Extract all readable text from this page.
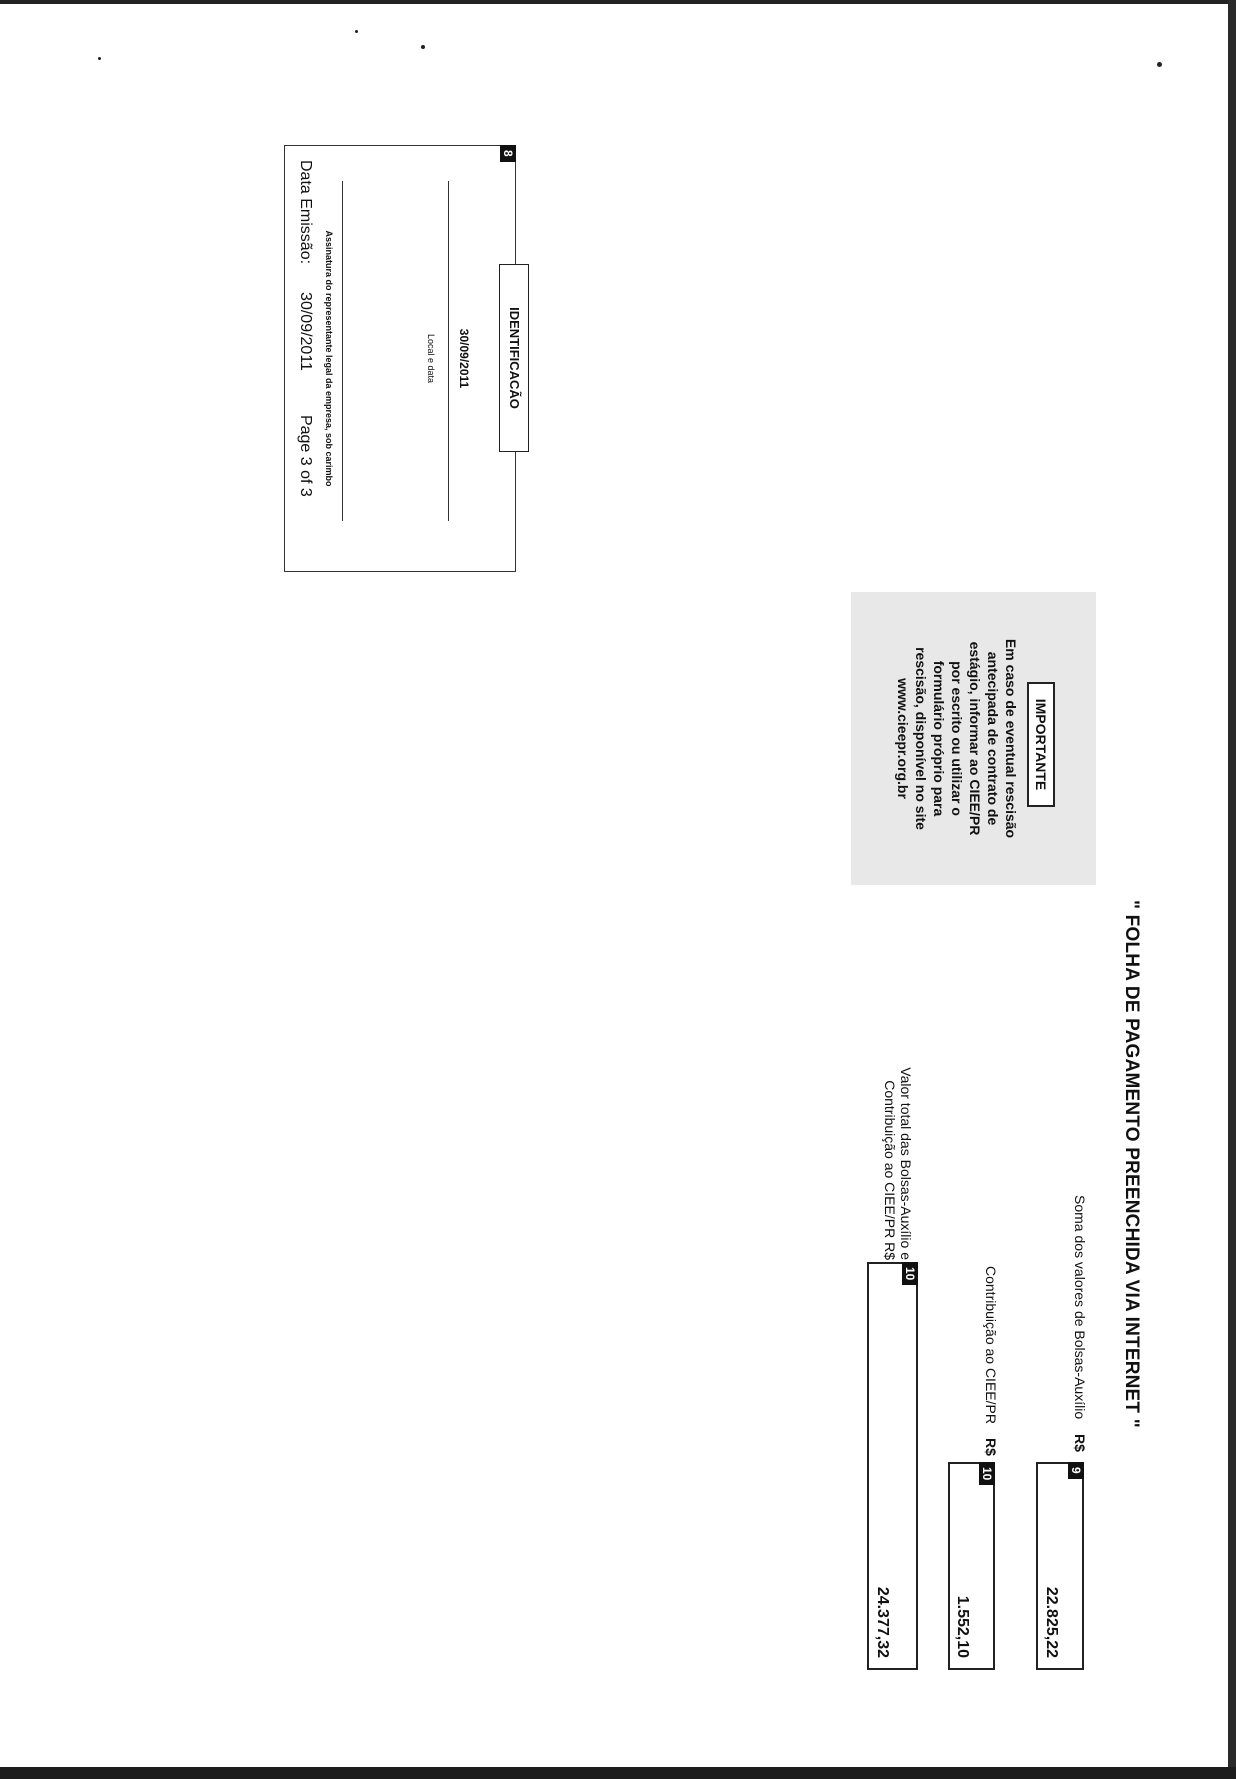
" FOLHA DE PAGAMENTO PREENCHIDA VIA INTERNET "
Soma dos valores de Bolsas-Auxílio
R$
9
22.825,22
Contribuição ao CIEE/PR
R$
10
1.552,10
Valor total das Bolsas-Auxílio e
Contribuição ao CIEE/PR R$
10
24.377,32
IMPORTANTE
Em caso de eventual rescisão
antecipada de contrato de
estágio, informar ao CIEE/PR
por escrito ou utilizar o
formulário próprio para
rescisão, disponível no site
www.cieepr.org.br
8
IDENTIFICACÃO
30/09/2011
Local e data
Assinatura do representante legal da empresa, sob carimbo
Data Emissão:30/09/2011Page 3 of 3
